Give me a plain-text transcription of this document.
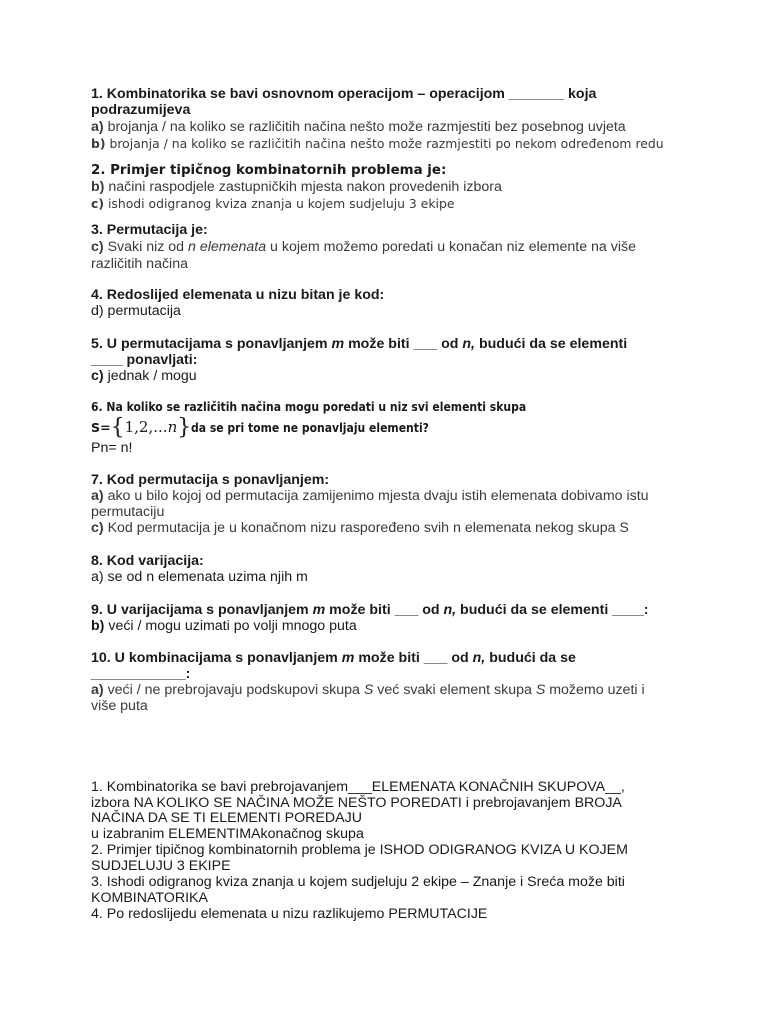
1. Kombinatorika se bavi osnovnom operacijom – operacijom _______ koja
podrazumijeva
a) brojanja / na koliko se različitih načina nešto može razmjestiti bez posebnog uvjeta
b) brojanja / na koliko se različitih načina nešto može razmjestiti po nekom određenom redu
2. Primjer tipičnog kombinatornih problema je:
b) načini raspodjele zastupničkih mjesta nakon provedenih izbora
c) ishodi odigranog kviza znanja u kojem sudjeluju 3 ekipe
3. Permutacija je:
c) Svaki niz od n elemenata u kojem možemo poredati u konačan niz elemente na više
različitih načina
4. Redoslijed elemenata u nizu bitan je kod:
d) permutacija
5. U permutacijama s ponavljanjem m može biti ___ od n, budući da se elementi
____ ponavljati:
c) jednak / mogu
6. Na koliko se različitih načina mogu poredati u niz svi elementi skupa
S={1,2,...n}da se pri tome ne ponavljaju elementi?
Pn= n!
7. Kod permutacija s ponavljanjem:
a) ako u bilo kojoj od permutacija zamijenimo mjesta dvaju istih elemenata dobivamo istu
permutaciju
c) Kod permutacija je u konačnom nizu raspoređeno svih n elemenata nekog skupa S
8. Kod varijacija:
a) se od n elemenata uzima njih m
9. U varijacijama s ponavljanjem m može biti ___ od n, budući da se elementi ____:
b) veći / mogu uzimati po volji mnogo puta
10. U kombinacijama s ponavljanjem m može biti ___ od n, budući da se
____________:
a) veći / ne prebrojavaju podskupovi skupa S već svaki element skupa S možemo uzeti i
više puta
1. Kombinatorika se bavi prebrojavanjem___ELEMENATA KONAČNIH SKUPOVA__,
izbora NA KOLIKO SE NAČINA MOŽE NEŠTO POREDATI i prebrojavanjem BROJA
NAČINA DA SE TI ELEMENTI POREDAJU
u izabranim ELEMENTIMAkonačnog skupa
2. Primjer tipičnog kombinatornih problema je ISHOD ODIGRANOG KVIZA U KOJEM
SUDJELUJU 3 EKIPE
3. Ishodi odigranog kviza znanja u kojem sudjeluju 2 ekipe – Znanje i Sreća može biti
KOMBINATORIKA
4. Po redoslijedu elemenata u nizu razlikujemo PERMUTACIJE
